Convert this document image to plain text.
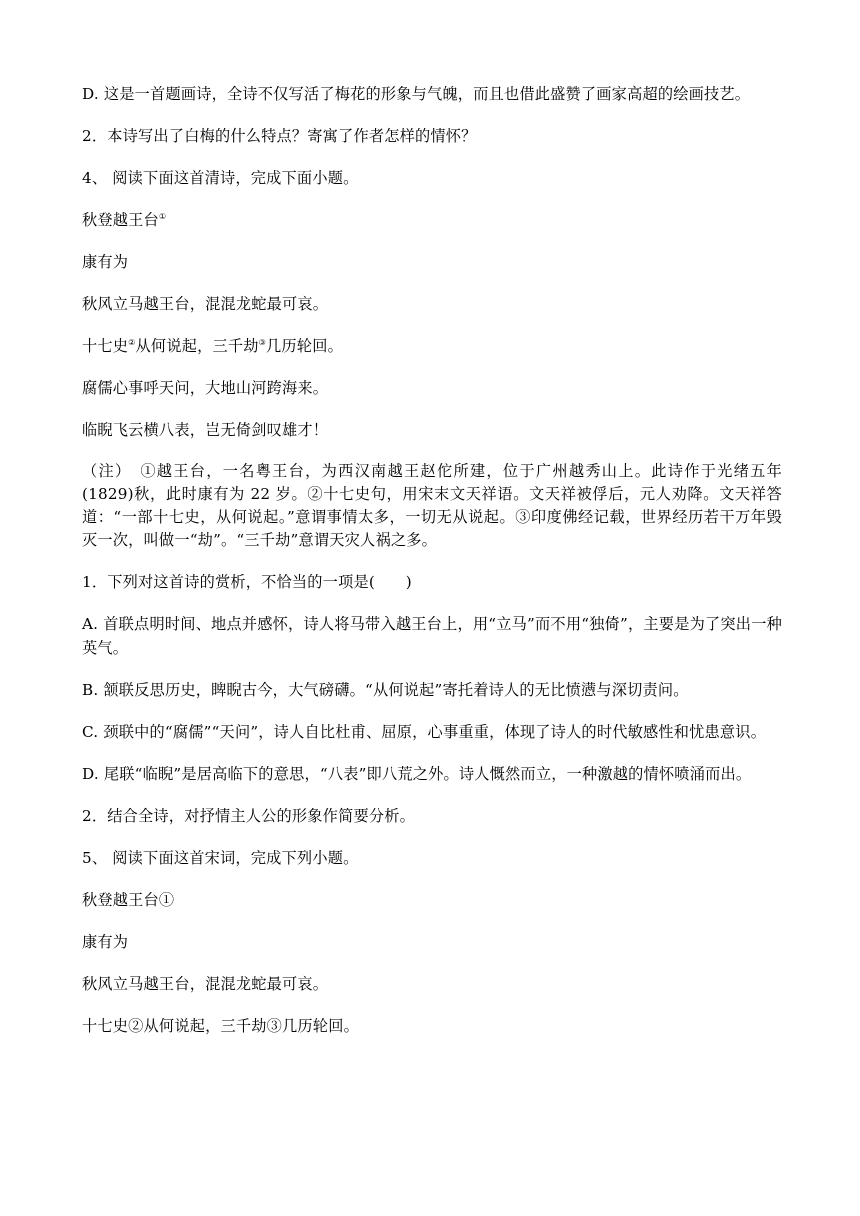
D. 这是一首题画诗，全诗不仅写活了梅花的形象与气魄，而且也借此盛赞了画家高超的绘画技艺。

2．本诗写出了白梅的什么特点？寄寓了作者怎样的情怀？

4、 阅读下面这首清诗，完成下面小题。

秋登越王台①

康有为

秋风立马越王台，混混龙蛇最可哀。

十七史②从何说起，三千劫③几历轮回。

腐儒心事呼天问，大地山河跨海来。

临睨飞云横八表，岂无倚剑叹雄才！

（注）　①越王台，一名粤王台，为西汉南越王赵佗所建，位于广州越秀山上。此诗作于光绪五年(1829)秋，此时康有为 22 岁。②十七史句，用宋末文天祥语。文天祥被俘后，元人劝降。文天祥答道：“一部十七史，从何说起。”意谓事情太多，一切无从说起。③印度佛经记载，世界经历若干万年毁灭一次，叫做一“劫”。“三千劫”意谓天灾人祸之多。

1．下列对这首诗的赏析，不恰当的一项是(　　)

A. 首联点明时间、地点并感怀，诗人将马带入越王台上，用“立马”而不用“独倚”，主要是为了突出一种英气。

B. 颔联反思历史，睥睨古今，大气磅礴。“从何说起”寄托着诗人的无比愤懑与深切责问。

C. 颈联中的“腐儒”“天问”，诗人自比杜甫、屈原，心事重重，体现了诗人的时代敏感性和忧患意识。

D. 尾联“临睨”是居高临下的意思，“八表”即八荒之外。诗人慨然而立，一种激越的情怀喷涌而出。

2．结合全诗，对抒情主人公的形象作简要分析。

5、 阅读下面这首宋词，完成下列小题。

秋登越王台①

康有为

秋风立马越王台，混混龙蛇最可哀。

十七史②从何说起，三千劫③几历轮回。
